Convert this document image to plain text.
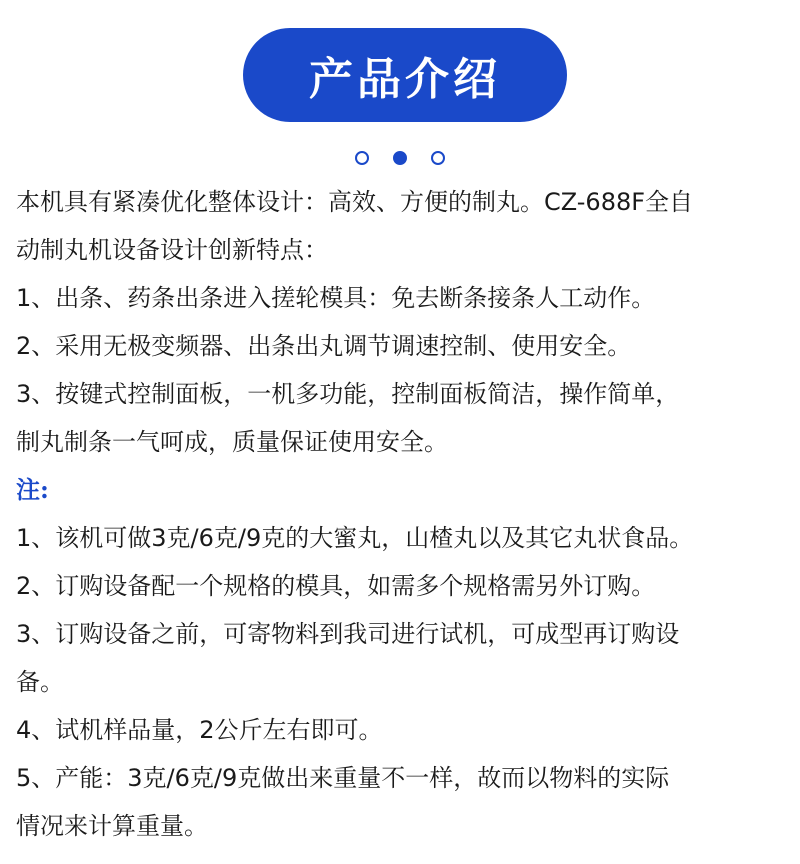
产品介绍
本机具有紧凑优化整体设计：高效、方便的制丸。CZ-688F全自
动制丸机设备设计创新特点：
1、出条、药条出条进入搓轮模具：免去断条接条人工动作。
2、采用无极变频器、出条出丸调节调速控制、使用安全。
3、按键式控制面板，一机多功能，控制面板简洁，操作简单，
制丸制条一气呵成，质量保证使用安全。
注:
1、该机可做3克/6克/9克的大蜜丸，山楂丸以及其它丸状食品。
2、订购设备配一个规格的模具，如需多个规格需另外订购。
3、订购设备之前，可寄物料到我司进行试机，可成型再订购设
备。
4、试机样品量，2公斤左右即可。
5、产能：3克/6克/9克做出来重量不一样，故而以物料的实际
情况来计算重量。
